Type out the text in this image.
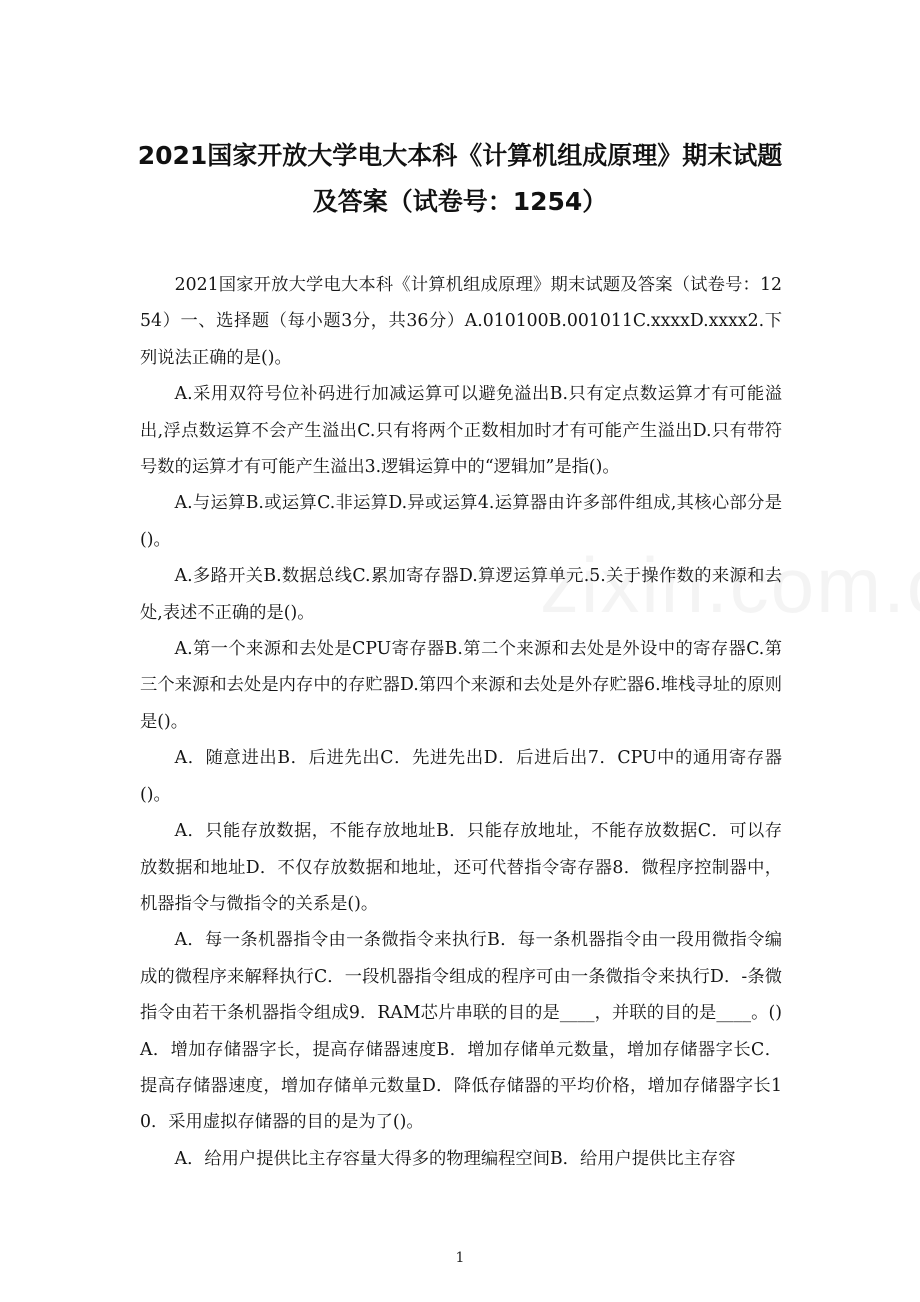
2021国家开放大学电大本科《计算机组成原理》期末试题
及答案（试卷号：1254）

2021国家开放大学电大本科《计算机组成原理》期末试题及答案（试卷号：1254）一、选择题（每小题3分，共36分）A.010100B.001011C.xxxxD.xxxx2.下列说法正确的是()。

A.采用双符号位补码进行加减运算可以避免溢出B.只有定点数运算才有可能溢出,浮点数运算不会产生溢出C.只有将两个正数相加时才有可能产生溢出D.只有带符号数的运算才有可能产生溢出3.逻辑运算中的“逻辑加”是指()。

A.与运算B.或运算C.非运算D.异或运算4.运算器由许多部件组成,其核心部分是()。

A.多路开关B.数据总线C.累加寄存器D.算逻运算单元.5.关于操作数的来源和去处,表述不正确的是()。

A.第一个来源和去处是CPU寄存器B.第二个来源和去处是外设中的寄存器C.第三个来源和去处是内存中的存贮器D.第四个来源和去处是外存贮器6.堆栈寻址的原则是()。

A．随意进出B．后进先出C．先进先出D．后进后出7．CPU中的通用寄存器()。

A．只能存放数据，不能存放地址B．只能存放地址，不能存放数据C．可以存放数据和地址D．不仅存放数据和地址，还可代替指令寄存器8．微程序控制器中，机器指令与微指令的关系是()。

A．每一条机器指令由一条微指令来执行B．每一条机器指令由一段用微指令编成的微程序来解释执行C．一段机器指令组成的程序可由一条微指令来执行D．-条微指令由若干条机器指令组成9．RAM芯片串联的目的是____，并联的目的是____。()A．增加存储器字长，提高存储器速度B．增加存储单元数量，增加存储器字长C．提高存储器速度，增加存储单元数量D．降低存储器的平均价格，增加存储器字长10．采用虚拟存储器的目的是为了()。

A．给用户提供比主存容量大得多的物理编程空间B．给用户提供比主存容

1
